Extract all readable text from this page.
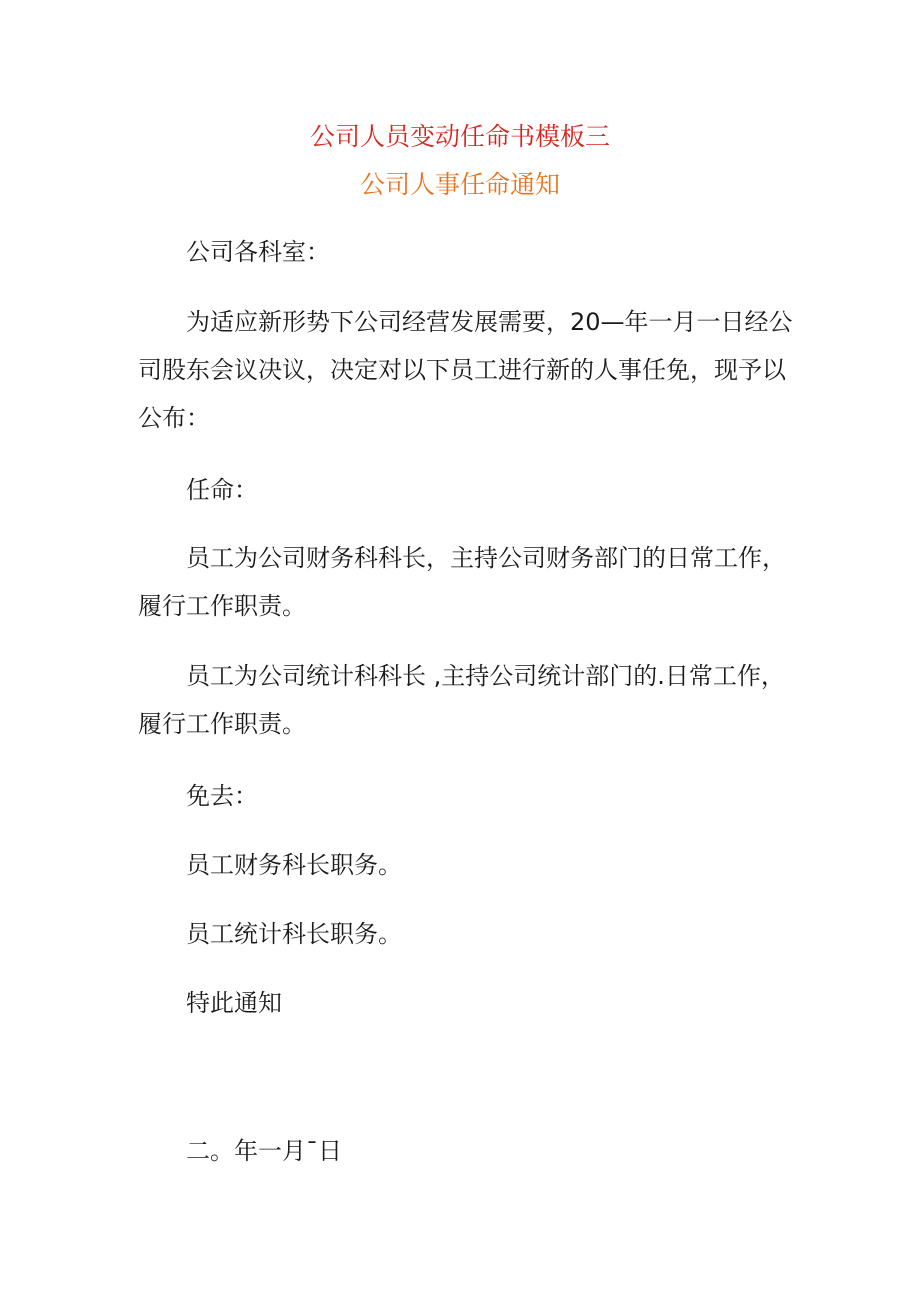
公司人员变动任命书模板三
公司人事任命通知
公司各科室：
为适应新形势下公司经营发展需要，20—年一月一日经公司股东会议决议，决定对以下员工进行新的人事任免，现予以公布：
任命：
员工为公司财务科科长，主持公司财务部门的日常工作，履行工作职责。
员工为公司统计科科长 ,主持公司统计部门的.日常工作，履行工作职责。
免去：
员工财务科长职务。
员工统计科长职务。
特此通知
二。年一月¯日
